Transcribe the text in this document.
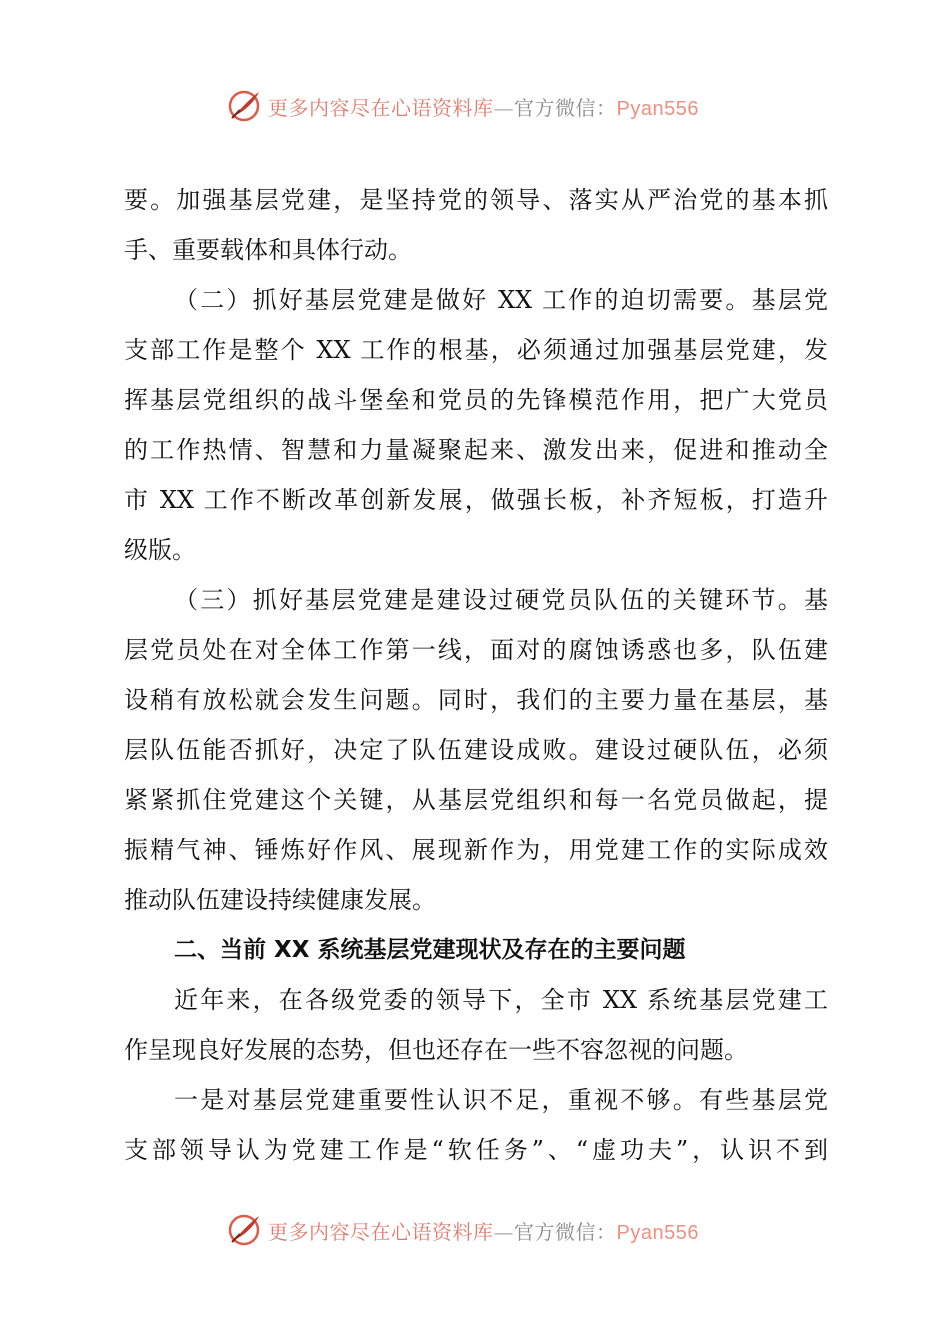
更多内容尽在心语资料库—官方微信：Pyan556
要。加强基层党建，是坚持党的领导、落实从严治党的基本抓
手、重要载体和具体行动。
（二）抓好基层党建是做好 XX 工作的迫切需要。基层党
支部工作是整个 XX 工作的根基，必须通过加强基层党建，发
挥基层党组织的战斗堡垒和党员的先锋模范作用，把广大党员
的工作热情、智慧和力量凝聚起来、激发出来，促进和推动全
市 XX 工作不断改革创新发展，做强长板，补齐短板，打造升
级版。
（三）抓好基层党建是建设过硬党员队伍的关键环节。基
层党员处在对全体工作第一线，面对的腐蚀诱惑也多，队伍建
设稍有放松就会发生问题。同时，我们的主要力量在基层，基
层队伍能否抓好，决定了队伍建设成败。建设过硬队伍，必须
紧紧抓住党建这个关键，从基层党组织和每一名党员做起，提
振精气神、锤炼好作风、展现新作为，用党建工作的实际成效
推动队伍建设持续健康发展。
二、当前 XX 系统基层党建现状及存在的主要问题
近年来，在各级党委的领导下，全市 XX 系统基层党建工
作呈现良好发展的态势，但也还存在一些不容忽视的问题。
一是对基层党建重要性认识不足，重视不够。有些基层党
支部领导认为党建工作是“软任务”、“虚功夫”，认识不到
更多内容尽在心语资料库—官方微信：Pyan556
